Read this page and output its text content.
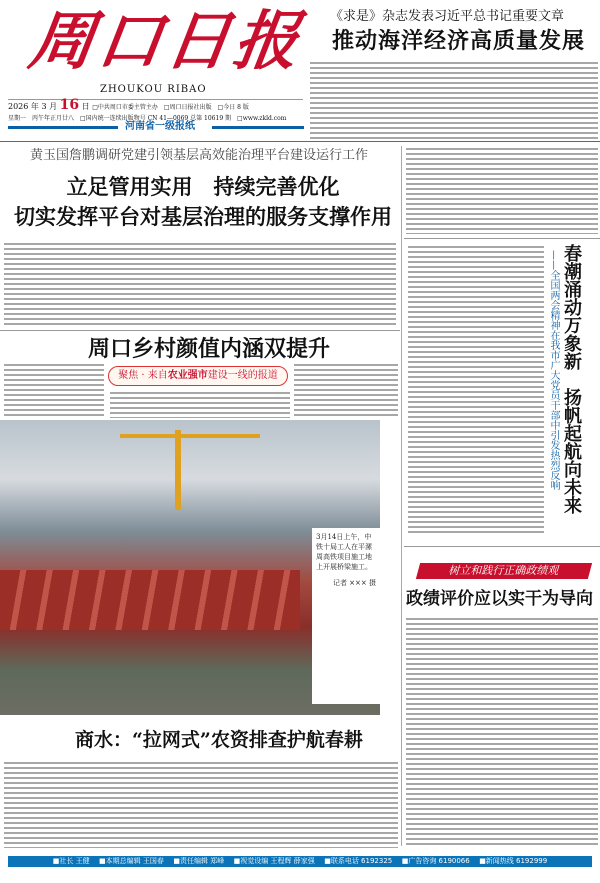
周口日报
ZHOUKOU RIBAO
2026 年 3 月 16 日 □中共周口市委主管主办　□周口日报社出版　□今日 8 版
星期一　丙午年正月廿八　□国内统一连续出版物号 CN 41—0069 总第 10619 期　□www.zkld.com
河南省一级报纸
《求是》杂志发表习近平总书记重要文章
推动海洋经济高质量发展
黄玉国詹鹏调研党建引领基层高效能治理平台建设运行工作
立足管用实用　持续完善优化
切实发挥平台对基层治理的服务支撑作用
春潮涌动万象新　扬帆起航向未来
——全国两会精神在我市广大党员干部中引发热烈反响
周口乡村颜值内涵双提升
聚焦 · 来自农业强市建设一线的报道
3月14日上午，中铁十局工人在平漯周高铁项目施工地上开展桥梁施工。
记者 ××× 摄
商水：“拉网式”农资排查护航春耕
树立和践行正确政绩观
政绩评价应以实干为导向
■社长 王健 ■本期总编辑 王国春 ■责任编辑 郑峰 ■视觉设编 王程辉 薛家强 ■联系电话 6192325 ■广告咨询 6190066 ■新闻热线 6192999
